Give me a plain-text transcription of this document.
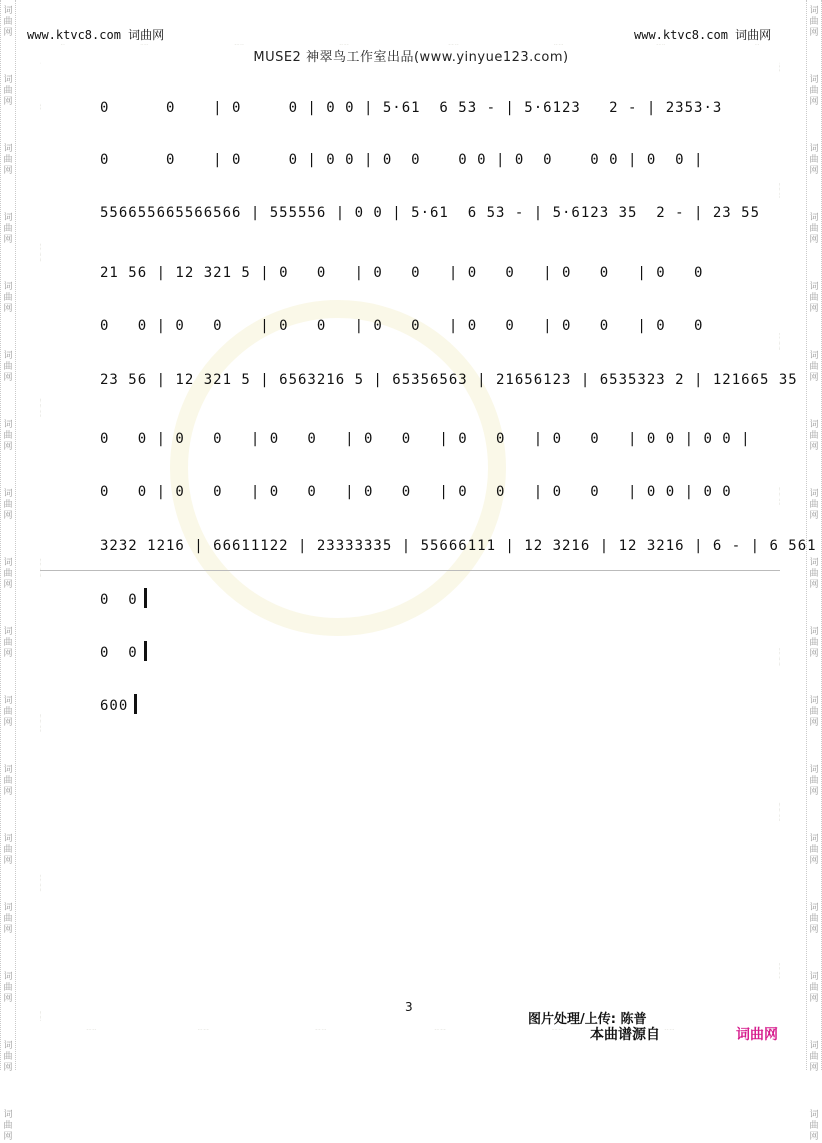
词
曲
网
词
曲
网
词
曲
网
词
曲
网
词
曲
网
词
曲
网
词
曲
网
词
曲
网
词
曲
网
词
曲
网
词
曲
网
词
曲
网
词
曲
网
词
曲
网
词
曲
网
词
曲
网
词
曲
网
词
曲
网
词
曲
网
词
曲
网
词
曲
网
词
曲
网
词
曲
网
词
曲
网
词
曲
网
词
曲
网
词
曲
网
词
曲
网
词
曲
网
词
曲
网
词
曲
网
词
曲
网
词
曲
网
词
曲
网
www.ktvc8.com 词曲网	www.ktvc8.com 词曲网
MUSE2 神翠鸟工作室出品(www.yinyue123.com)
0      0    | 0     0 | 0 0 | 5·61  6 53 - | 5·6123   2 - | 2353·3
0      0    | 0     0 | 0 0 | 0  0    0 0 | 0  0    0 0 | 0  0 |
556655665566566 | 555556 | 0 0 | 5·61  6 53 - | 5·6123 35  2 - | 23 55
21 56 | 12 321 5 | 0   0   | 0   0   | 0   0   | 0   0   | 0   0
0   0 | 0   0    | 0   0   | 0   0   | 0   0   | 0   0   | 0   0
23 56 | 12 321 5 | 6563216 5 | 65356563 | 21656123 | 6535323 2 | 121665 35
0   0 | 0   0   | 0   0   | 0   0   | 0   0   | 0   0   | 0 0 | 0 0 |
0   0 | 0   0   | 0   0   | 0   0   | 0   0   | 0   0   | 0 0 | 0 0
3232 1216 | 66611122 | 23333335 | 55666111 | 12 3216 | 12 3216 | 6 - | 6 561
0  0
0  0
600
3
图片处理/上传: 陈普
本曲谱源自	词曲网
